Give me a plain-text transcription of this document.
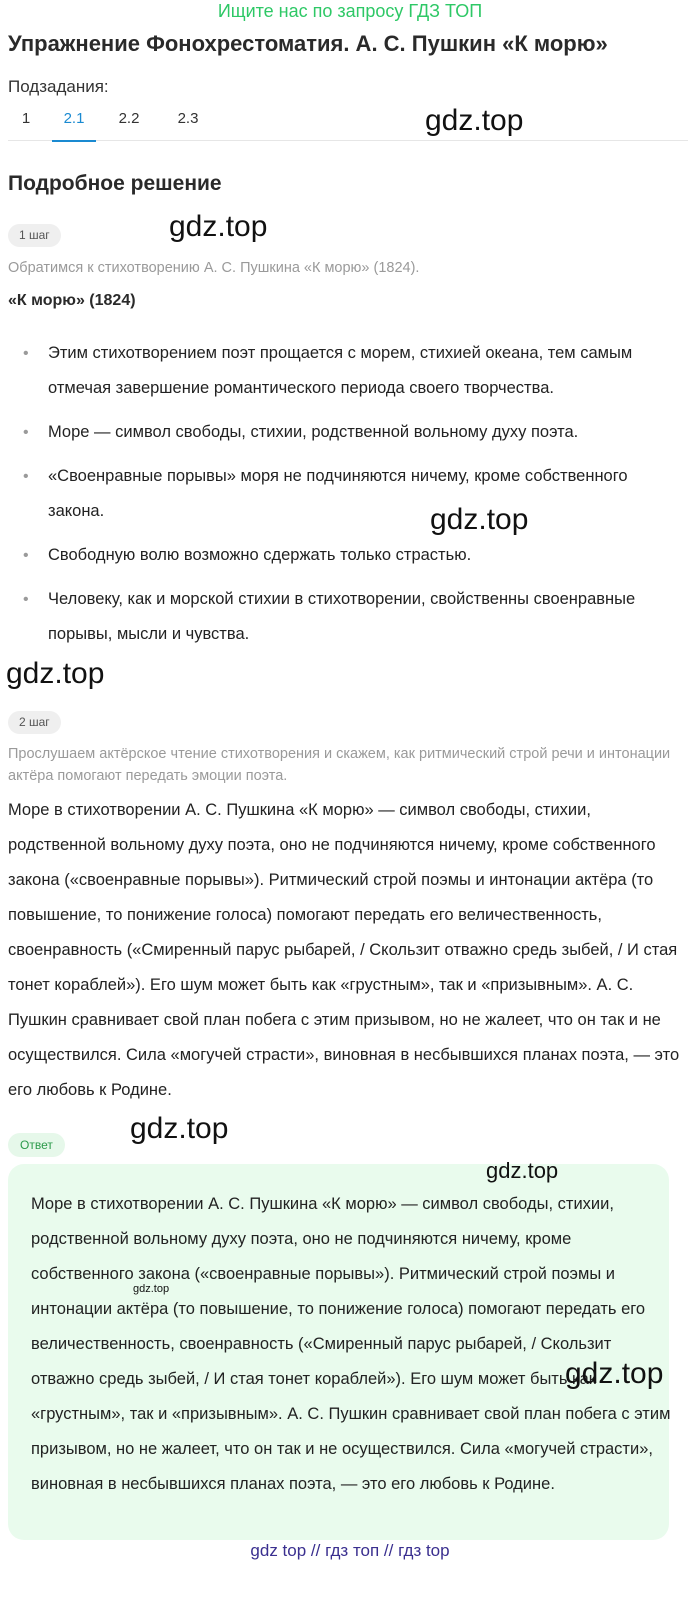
Ищите нас по запросу ГДЗ ТОП
Упражнение Фонохрестоматия. А. С. Пушкин «К морю»
Подзадания:
1	2.1	2.2	2.3
Подробное решение
1 шаг
Обратимся к стихотворению А. С. Пушкина «К морю» (1824).
«К морю» (1824)
• Этим стихотворением поэт прощается с морем, стихией океана, тем самым отмечая завершение романтического периода своего творчества.
• Море — символ свободы, стихии, родственной вольному духу поэта.
• «Своенравные порывы» моря не подчиняются ничему, кроме собственного закона.
• Свободную волю возможно сдержать только страстью.
• Человеку, как и морской стихии в стихотворении, свойственны своенравные порывы, мысли и чувства.
2 шаг
Прослушаем актёрское чтение стихотворения и скажем, как ритмический строй речи и интонации актёра помогают передать эмоции поэта.
Море в стихотворении А. С. Пушкина «К морю» — символ свободы, стихии, родственной вольному духу поэта, оно не подчиняются ничему, кроме собственного закона («своенравные порывы»). Ритмический строй поэмы и интонации актёра (то повышение, то понижение голоса) помогают передать его величественность, своенравность («Смиренный парус рыбарей, / Скользит отважно средь зыбей, / И стая тонет кораблей»). Его шум может быть как «грустным», так и «призывным». А. С. Пушкин сравнивает свой план побега с этим призывом, но не жалеет, что он так и не осуществился. Сила «могучей страсти», виновная в несбывшихся планах поэта, — это его любовь к Родине.
Ответ
Море в стихотворении А. С. Пушкина «К морю» — символ свободы, стихии, родственной вольному духу поэта, оно не подчиняются ничему, кроме собственного закона («своенравные порывы»). Ритмический строй поэмы и интонации актёра (то повышение, то понижение голоса) помогают передать его величественность, своенравность («Смиренный парус рыбарей, / Скользит отважно средь зыбей, / И стая тонет кораблей»). Его шум может быть как «грустным», так и «призывным». А. С. Пушкин сравнивает свой план побега с этим призывом, но не жалеет, что он так и не осуществился. Сила «могучей страсти», виновная в несбывшихся планах поэта, — это его любовь к Родине.
gdz.top
gdz.top
gdz.top
gdz.top
gdz.top
gdz.top
gdz.top
gdz.top
gdz top // гдз топ // гдз top
